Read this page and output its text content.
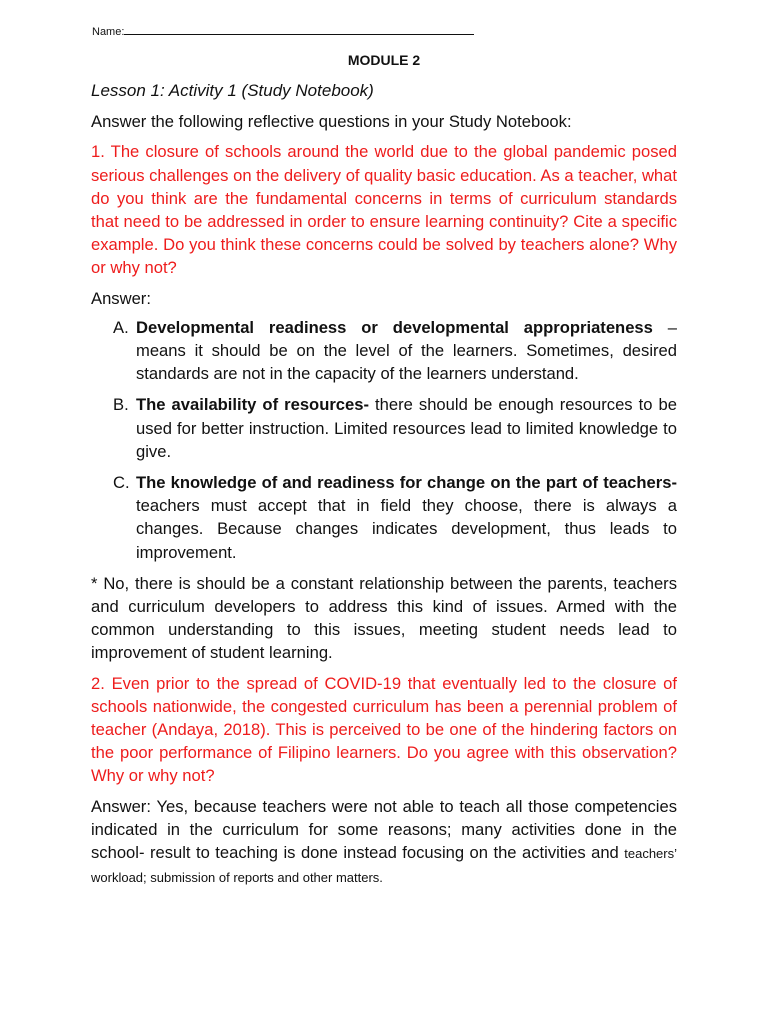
Name:
MODULE 2

Lesson 1: Activity 1 (Study Notebook)

Answer the following reflective questions in your Study Notebook:

1. The closure of schools around the world due to the global pandemic posed serious challenges on the delivery of quality basic education. As a teacher, what do you think are the fundamental concerns in terms of curriculum standards that need to be addressed in order to ensure learning continuity? Cite a specific example. Do you think these concerns could be solved by teachers alone? Why or why not?

Answer:

A. Developmental readiness or developmental appropriateness – means it should be on the level of the learners. Sometimes, desired standards are not in the capacity of the learners understand.
B. The availability of resources- there should be enough resources to be used for better instruction. Limited resources lead to limited knowledge to give.
C. The knowledge of and readiness for change on the part of teachers- teachers must accept that in field they choose, there is always a changes. Because changes indicates development, thus leads to improvement.

* No, there is should be a constant relationship between the parents, teachers and curriculum developers to address this kind of issues. Armed with the common understanding to this issues, meeting student needs lead to improvement of student learning.

2. Even prior to the spread of COVID-19 that eventually led to the closure of schools nationwide, the congested curriculum has been a perennial problem of teacher (Andaya, 2018). This is perceived to be one of the hindering factors on the poor performance of Filipino learners. Do you agree with this observation? Why or why not?

Answer: Yes, because teachers were not able to teach all those competencies indicated in the curriculum for some reasons; many activities done in the school- result to teaching is done instead focusing on the activities and teachers’ workload; submission of reports and other matters.
